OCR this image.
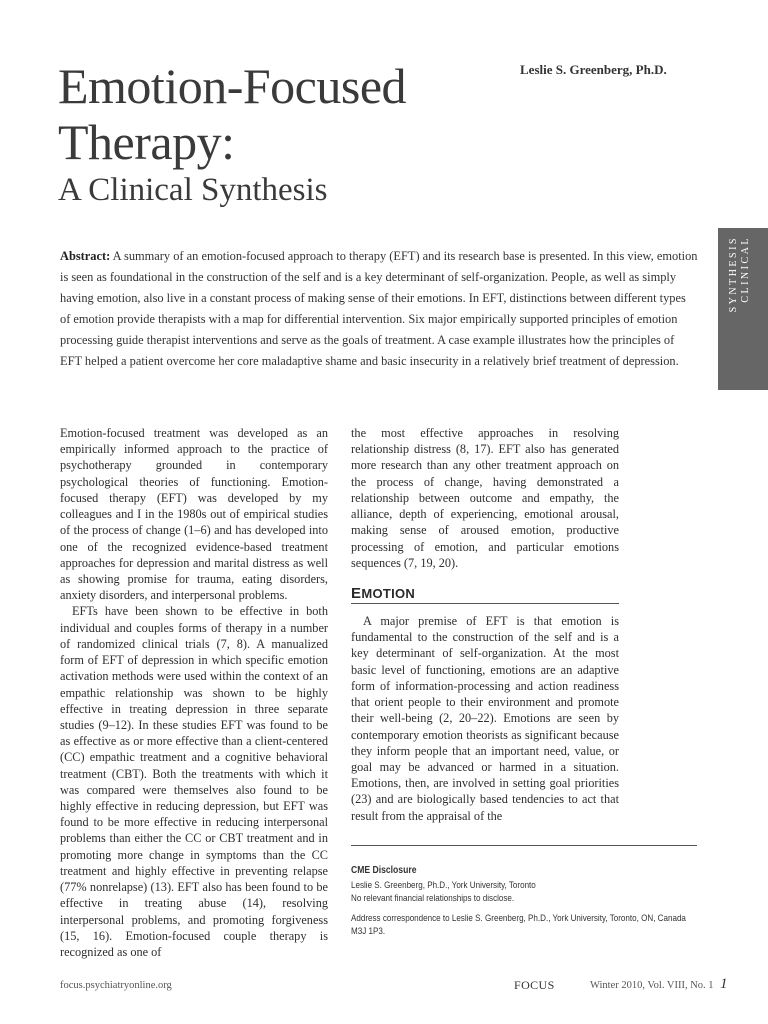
Emotion-Focused
Therapy:
A Clinical Synthesis
Leslie S. Greenberg, Ph.D.
CLINICAL
SYNTHESIS

Abstract: A summary of an emotion-focused approach to therapy (EFT) and its research base is presented. In this view, emotion is seen as foundational in the construction of the self and is a key determinant of self-organization. People, as well as simply having emotion, also live in a constant process of making sense of their emotions. In EFT, distinctions between different types of emotion provide therapists with a map for differential intervention. Six major empirically supported principles of emotion processing guide therapist interventions and serve as the goals of treatment. A case example illustrates how the principles of EFT helped a patient overcome her core maladaptive shame and basic insecurity in a relatively brief treatment of depression.

Emotion-focused treatment was developed as an empirically informed approach to the practice of psychotherapy grounded in contemporary psychological theories of functioning. Emotion-focused therapy (EFT) was developed by my colleagues and I in the 1980s out of empirical studies of the process of change (1–6) and has developed into one of the recognized evidence-based treatment approaches for depression and marital distress as well as showing promise for trauma, eating disorders, anxiety disorders, and interpersonal problems.

EFTs have been shown to be effective in both individual and couples forms of therapy in a number of randomized clinical trials (7, 8). A manualized form of EFT of depression in which specific emotion activation methods were used within the context of an empathic relationship was shown to be highly effective in treating depression in three separate studies (9–12). In these studies EFT was found to be as effective as or more effective than a client-centered (CC) empathic treatment and a cognitive behavioral treatment (CBT). Both the treatments with which it was compared were themselves also found to be highly effective in reducing depression, but EFT was found to be more effective in reducing interpersonal problems than either the CC or CBT treatment and in promoting more change in symptoms than the CC treatment and highly effective in preventing relapse (77% nonrelapse) (13). EFT also has been found to be effective in treating abuse (14), resolving interpersonal problems, and promoting forgiveness (15, 16). Emotion-focused couple therapy is recognized as one of

the most effective approaches in resolving relationship distress (8, 17). EFT also has generated more research than any other treatment approach on the process of change, having demonstrated a relationship between outcome and empathy, the alliance, depth of experiencing, emotional arousal, making sense of aroused emotion, productive processing of emotion, and particular emotions sequences (7, 19, 20).

EMOTION

A major premise of EFT is that emotion is fundamental to the construction of the self and is a key determinant of self-organization. At the most basic level of functioning, emotions are an adaptive form of information-processing and action readiness that orient people to their environment and promote their well-being (2, 20–22). Emotions are seen by contemporary emotion theorists as significant because they inform people that an important need, value, or goal may be advanced or harmed in a situation. Emotions, then, are involved in setting goal priorities (23) and are biologically based tendencies to act that result from the appraisal of the

CME Disclosure
Leslie S. Greenberg, Ph.D., York University, Toronto
No relevant financial relationships to disclose.
Address correspondence to Leslie S. Greenberg, Ph.D., York University, Toronto, ON, Canada M3J 1P3.
focus.psychiatryonline.org	FOCUS	Winter 2010, Vol. VIII, No. 1 1
